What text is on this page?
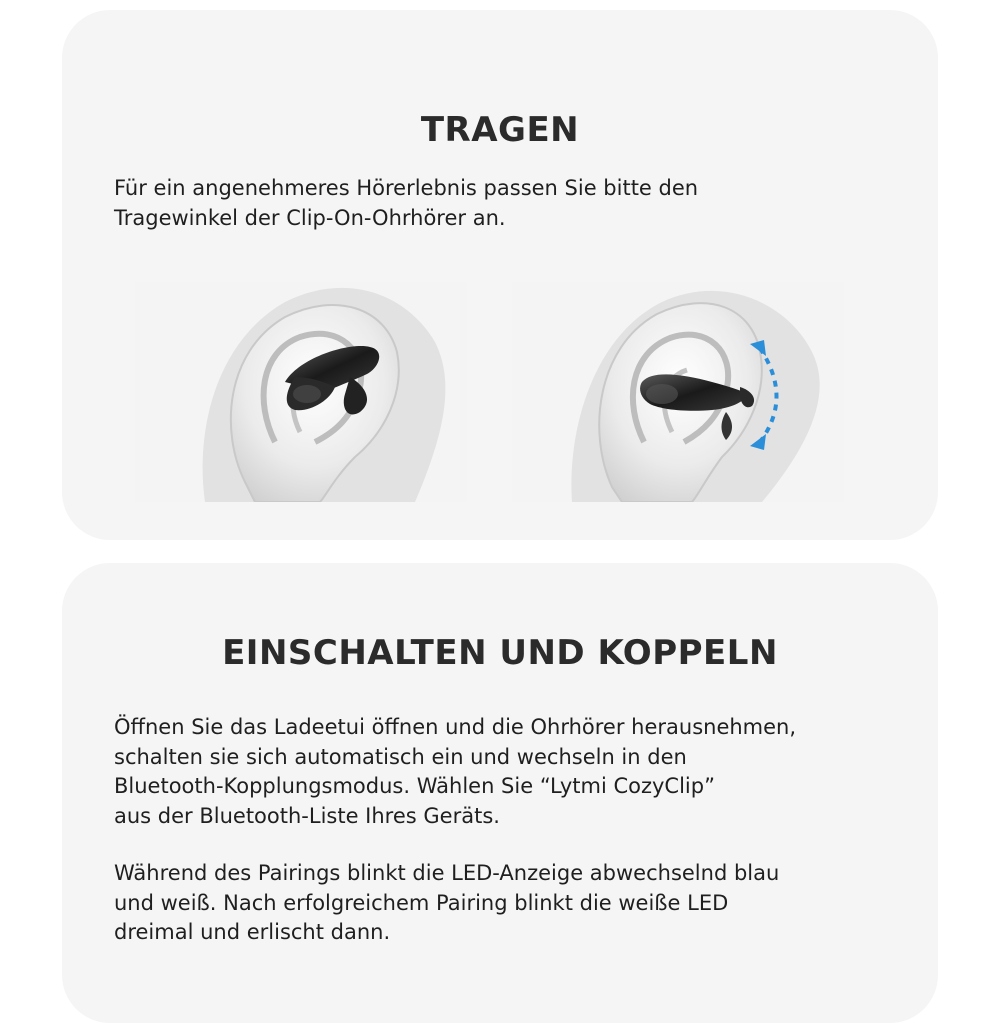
TRAGEN

Für ein angenehmeres Hörerlebnis passen Sie bitte den
Tragewinkel der Clip-On-Ohrhörer an.

EINSCHALTEN UND KOPPELN

Öffnen Sie das Ladeetui öffnen und die Ohrhörer herausnehmen,
schalten sie sich automatisch ein und wechseln in den
Bluetooth-Kopplungsmodus. Wählen Sie “Lytmi CozyClip”
aus der Bluetooth-Liste Ihres Geräts.

Während des Pairings blinkt die LED-Anzeige abwechselnd blau
und weiß. Nach erfolgreichem Pairing blinkt die weiße LED
dreimal und erlischt dann.
